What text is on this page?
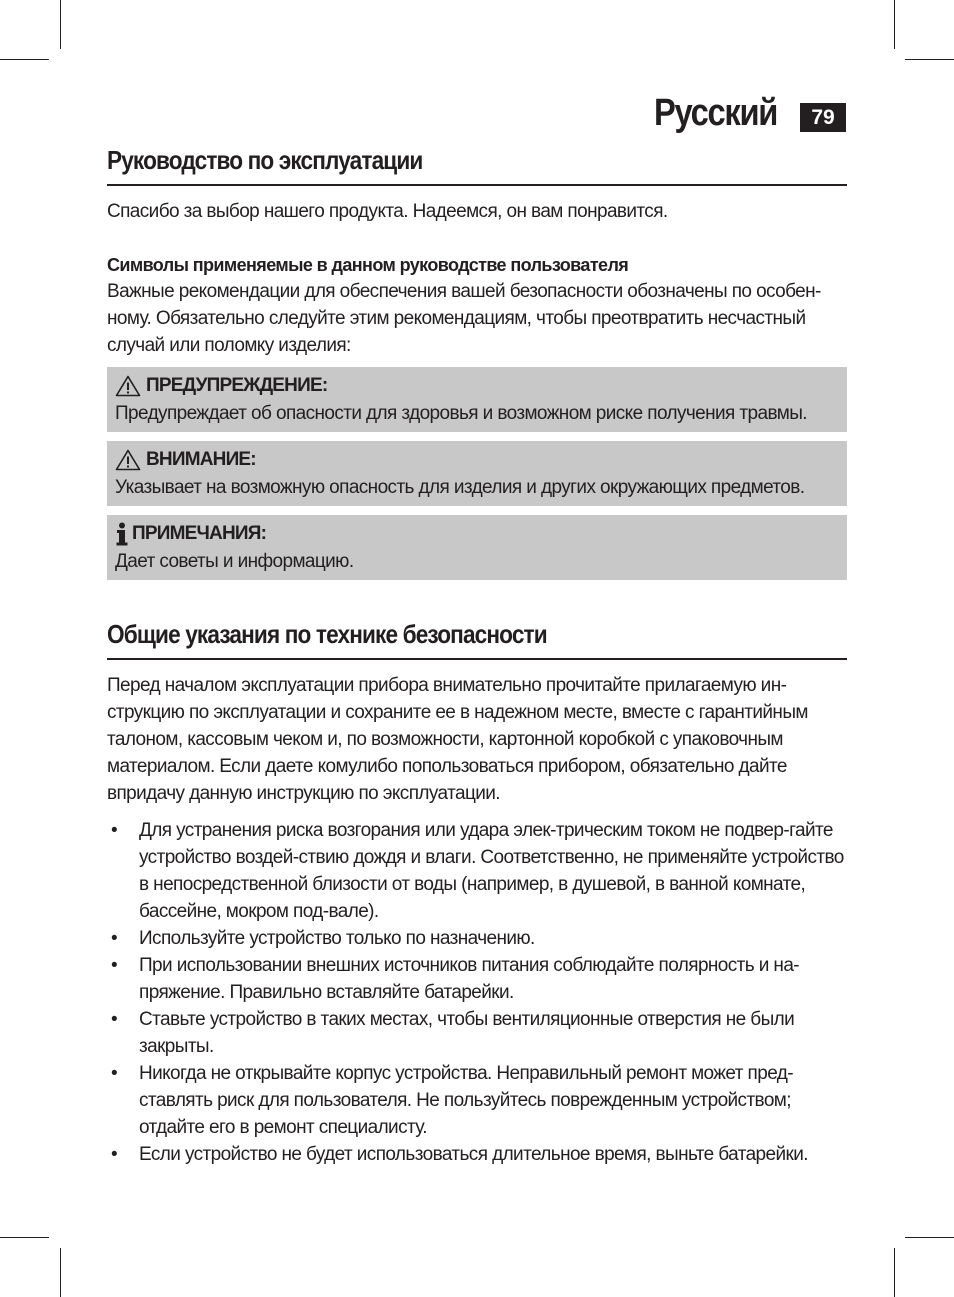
Русский	79
Руководство по эксплуатации

Спасибо за выбор нашего продукта. Надеемся, он вам понравится.

Символы применяемые в данном руководстве пользователя

Важные рекомендации для обеспечения вашей безопасности обозначены по особен-ному. Обязательно следуйте этим рекомендациям, чтобы преотвратить несчастный случай или поломку изделия:

ПРЕДУПРЕЖДЕНИЕ:

Предупреждает об опасности для здоровья и возможном риске получения травмы.

ВНИМАНИЕ:

Указывает на возможную опасность для изделия и других окружающих предметов.

ПРИМЕЧАНИЯ:

Дает советы и информацию.

Общие указания по технике безопасности

Перед началом эксплуатации прибора внимательно прочитайте прилагаемую ин-струкцию по эксплуатации и сохраните ее в надежном месте, вместе с гарантийным талоном, кассовым чеком и, по возможности, картонной коробкой с упаковочным материалом. Если даете комулибо попользоваться прибором, обязательно дайте впридачу данную инструкцию по эксплуатации.

• Для устранения риска возгорания или удара элек-трическим током не подвер-гайте устройство воздей-ствию дождя и влаги. Соответственно, не применяйте устройство в непосредственной близости от воды (например, в душевой, в ванной комнате, бассейне, мокром под-вале).
• Используйте устройство только по назначению.
• При использовании внешних источников питания соблюдайте полярность и на-пряжение. Правильно вставляйте батарейки.
• Ставьте устройство в таких местах, чтобы вентиляционные отверстия не были закрыты.
• Никогда не открывайте корпус устройства. Неправильный ремонт может пред-ставлять риск для пользователя. Не пользуйтесь поврежденным устройством; отдайте его в ремонт специалисту.
• Если устройство не будет использоваться длительное время, выньте батарейки.
